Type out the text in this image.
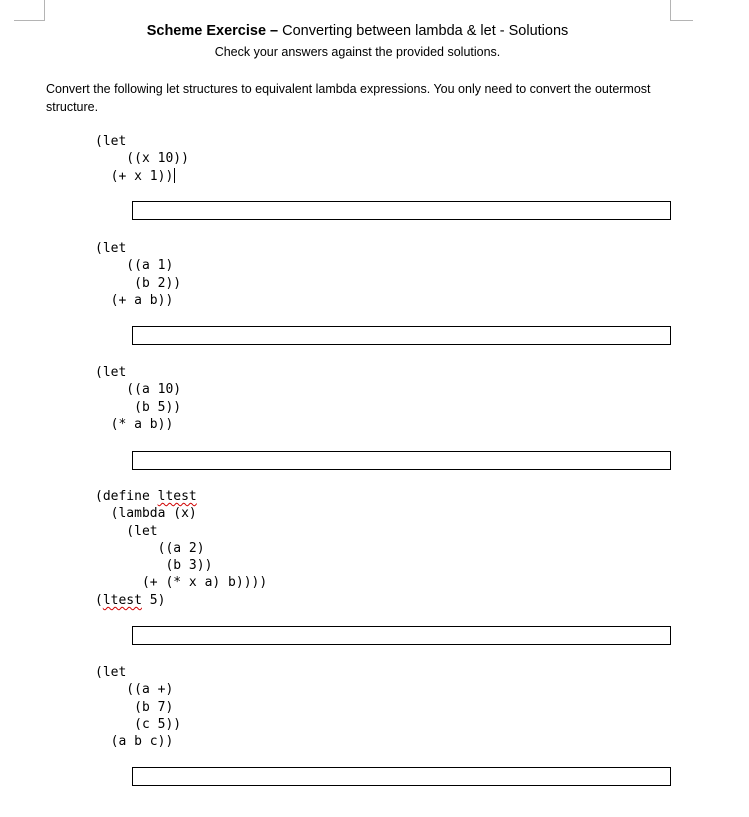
Scheme Exercise – Converting between lambda & let - Solutions
Check your answers against the provided solutions.
Convert the following let structures to equivalent lambda expressions. You only need to convert the outermost structure.
(let
((x 10))
(+ x 1))
(let
((a 1)
(b 2))
(+ a b))
(let
((a 10)
(b 5))
(* a b))
(define ltest
(lambda (x)
(let
((a 2)
(b 3))
(+ (* x a) b))))
(ltest 5)
(let
((a +)
(b 7)
(c 5))
(a b c))
